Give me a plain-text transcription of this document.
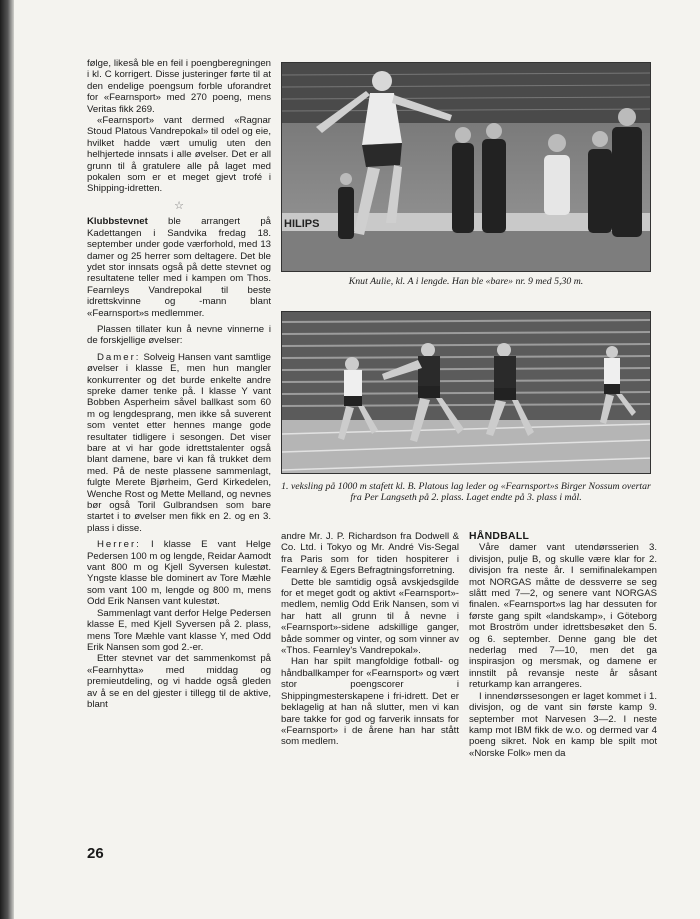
følge, likeså ble en feil i poengberegningen i kl. C korrigert. Disse justeringer førte til at den endelige poengsum forble uforandret for «Fearnsport» med 270 poeng, mens Veritas fikk 269.

«Fearnsport» vant dermed «Ragnar Stoud Platous Vandrepokal» til odel og eie, hvilket hadde vært umulig uten den helhjertede innsats i alle øvelser. Det er all grunn til å gratulere alle på laget med pokalen som er et meget gjevt trofé i Shipping-idretten.

☆

Klubbstevnet ble arrangert på Kadettangen i Sandvika fredag 18. september under gode værforhold, med 13 damer og 25 herrer som deltagere. Det ble ydet stor innsats også på dette stevnet og resultatene teller med i kampen om Thos. Fearnleys Vandrepokal til beste idrettskvinne og -mann blant «Fearnsport»s medlemmer.

Plassen tillater kun å nevne vinnerne i de forskjellige øvelser:

Damer: Solveig Hansen vant samtlige øvelser i klasse E, men hun mangler konkurrenter og det burde enkelte andre spreke damer tenke på. I klasse Y vant Bobben Asperheim såvel ballkast som 60 m og lengdesprang, men ikke så suverent som ventet etter hennes mange gode resultater tidligere i sesongen. Det viser bare at vi har gode idrettstalenter også blant damene, bare vi kan få trukket dem med. På de neste plassene sammenlagt, fulgte Merete Bjørheim, Gerd Kirkedelen, Wenche Rost og Mette Melland, og nevnes bør også Toril Gulbrandsen som bare startet i to øvelser men fikk en 2. og en 3. plass i disse.

Herrer: I klasse E vant Helge Pedersen 100 m og lengde, Reidar Aamodt vant 800 m og Kjell Syversen kulestøt. Yngste klasse ble dominert av Tore Mæhle som vant 100 m, lengde og 800 m, mens Odd Erik Nansen vant kulestøt.

Sammenlagt vant derfor Helge Pedersen klasse E, med Kjell Syversen på 2. plass, mens Tore Mæhle vant klasse Y, med Odd Erik Nansen som god 2.-er.

Etter stevnet var det sammenkomst på «Fearnhytta» med middag og premieutdeling, og vi hadde også gleden av å se en del gjester i tillegg til de aktive, blant

HILIPS
Knut Aulie, kl. A i lengde. Han ble «bare» nr. 9 med 5,30 m.
1. veksling på 1000 m stafett kl. B. Platous lag leder og «Fearnsport»s Birger Nossum overtar fra Per Langseth på 2. plass. Laget endte på 3. plass i mål.

andre Mr. J. P. Richardson fra Dodwell & Co. Ltd. i Tokyo og Mr. André Vis-Segal fra Paris som for tiden hospiterer i Fearnley & Egers Befragtningsforretning.

Dette ble samtidig også avskjedsgilde for et meget godt og aktivt «Fearnsport»-medlem, nemlig Odd Erik Nansen, som vi har hatt all grunn til å nevne i «Fearnsport»-sidene adskillige ganger, både sommer og vinter, og som vinner av «Thos. Fearnley's Vandrepokal».

Han har spilt mangfoldige fotball- og håndballkamper for «Fearnsport» og vært stor poengscorer i Shippingmesterskapene i fri-idrett. Det er beklagelig at han nå slutter, men vi kan bare takke for god og farverik innsats for «Fearnsport» i de årene han har stått som medlem.

HÅNDBALL

Våre damer vant utendørsserien 3. divisjon, pulje B, og skulle være klar for 2. divisjon fra neste år. I semifinalekampen mot NORGAS måtte de dessverre se seg slått med 7—2, og senere vant NORGAS finalen. «Fearnsport»s lag har dessuten for første gang spilt «landskamp», i Göteborg mot Broström under idrettsbesøket den 5. og 6. september. Denne gang ble det nederlag med 7—10, men det ga inspirasjon og mersmak, og damene er innstilt på revansje neste år såsant returkamp kan arrangeres.

I innendørssesongen er laget kommet i 1. divisjon, og de vant sin første kamp 9. september mot Narvesen 3—2. I neste kamp mot IBM fikk de w.o. og dermed var 4 poeng sikret. Nok en kamp ble spilt mot «Norske Folk» men da

26
